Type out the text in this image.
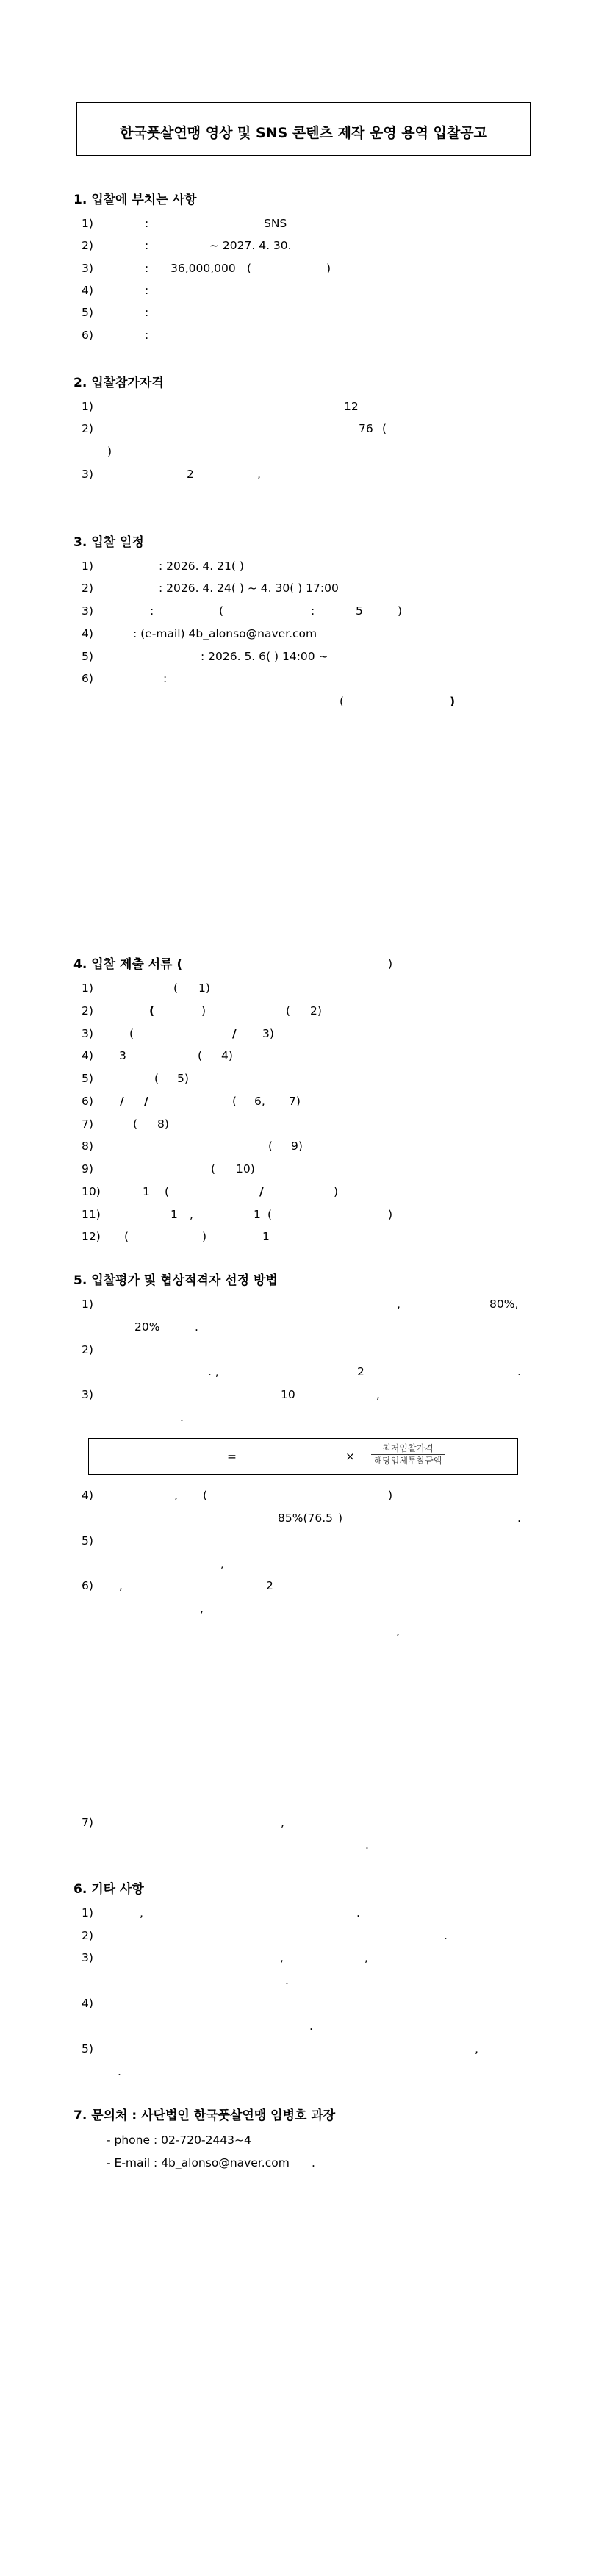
한국풋살연맹 영상 및 SNS 콘텐츠 제작 운영 용역 입찰공고
1. 입찰에 부치는 사항
1)	:	SNS
2)	:	~ 2027. 4. 30.
3)	: 36,000,000 (	)
4)	:
5)	:
6)	:
2. 입찰참가자격
1)	12
2)	76 (
)
3)	2	,
3. 입찰 일정
1)	: 2026. 4. 21( )
2)	: 2026. 4. 24( ) ~ 4. 30( ) 17:00
3)	:	(	:	5	)
4)	: (e-mail) 4b_alonso@naver.com
5)	: 2026. 5. 6( ) 14:00 ~
6)	:
(	)
4. 입찰 제출 서류 (	)
1)	( 1)
2)	(	)	( 2)
3)	(	/ 3)
4) 3	( 4)
5)	( 5)
6) / /	( 6, 7)
7)	( 8)
8)	( 9)
9)	( 10)
10)	1 (	/	)
11)	1 ,	1 (	)
12) (	)	1
5. 입찰평가 및 협상적격자 선정 방법
1)	,	80%,
20%	.
2)
. ,	2	.
3)	10	,
.
=	×
최저입찰가격
해당업체투찰금액
4)	, (	)
85%(76.5 )	.
5)
,
6) ,	2
,
,
7)	,
.
6. 기타 사항
1)	,	.
2)	.
3)	,	,
.
4)
.
5)	,
.
7. 문의처 : 사단법인 한국풋살연맹 임병호 과장
- phone : 02-720-2443~4
- E-mail : 4b_alonso@naver.com .
